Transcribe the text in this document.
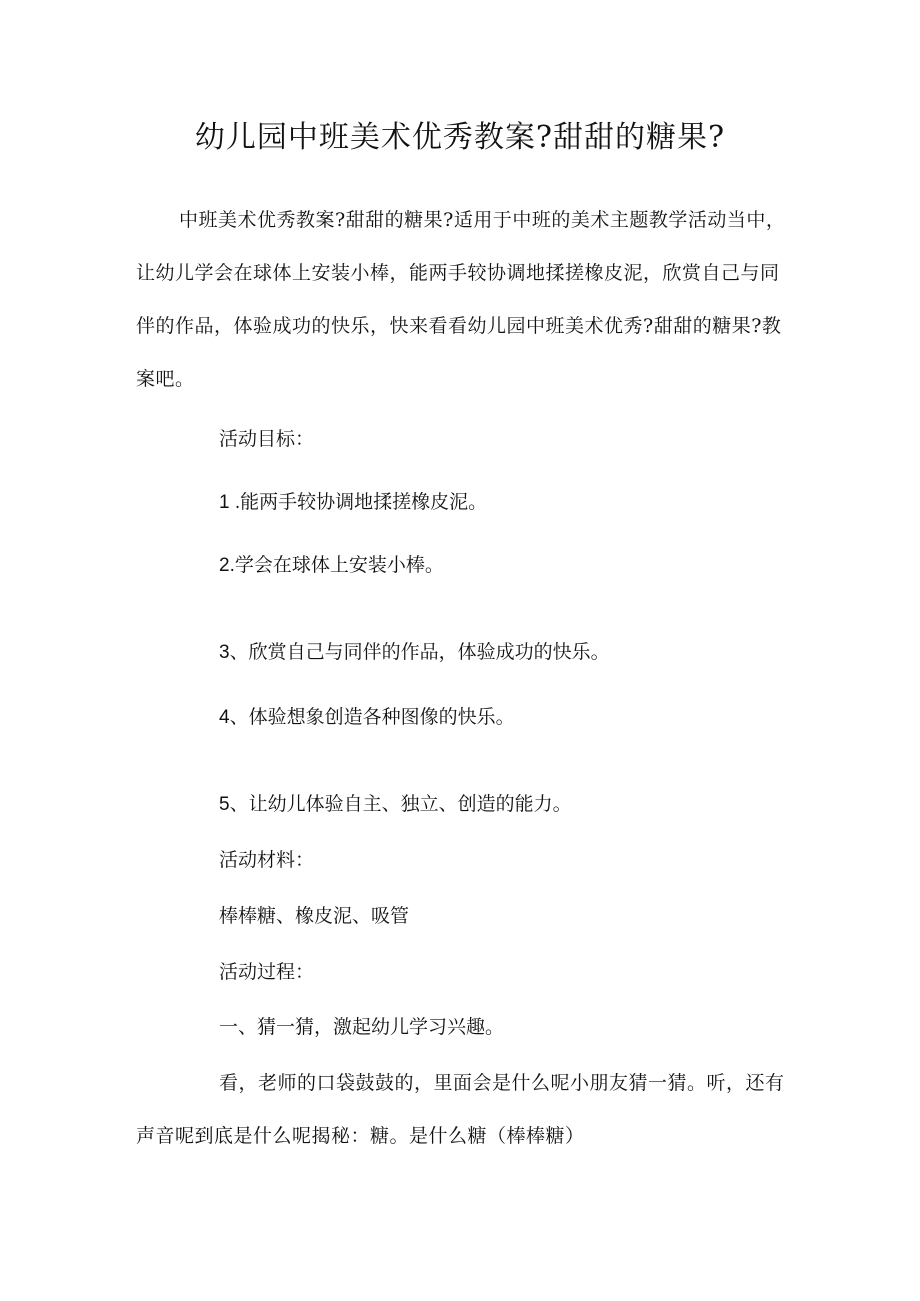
幼儿园中班美术优秀教案?甜甜的糖果?

中班美术优秀教案?甜甜的糖果?适用于中班的美术主题教学活动当中，让幼儿学会在球体上安装小棒，能两手较协调地揉搓橡皮泥，欣赏自己与同伴的作品，体验成功的快乐，快来看看幼儿园中班美术优秀?甜甜的糖果?教案吧。

活动目标：

1 .能两手较协调地揉搓橡皮泥。

2.学会在球体上安装小棒。

3、欣赏自己与同伴的作品，体验成功的快乐。

4、体验想象创造各种图像的快乐。

5、让幼儿体验自主、独立、创造的能力。

活动材料：

棒棒糖、橡皮泥、吸管

活动过程：

一、猜一猜，激起幼儿学习兴趣。

看，老师的口袋鼓鼓的，里面会是什么呢小朋友猜一猜。听，还有声音呢到底是什么呢揭秘：糖。是什么糖（棒棒糖）
